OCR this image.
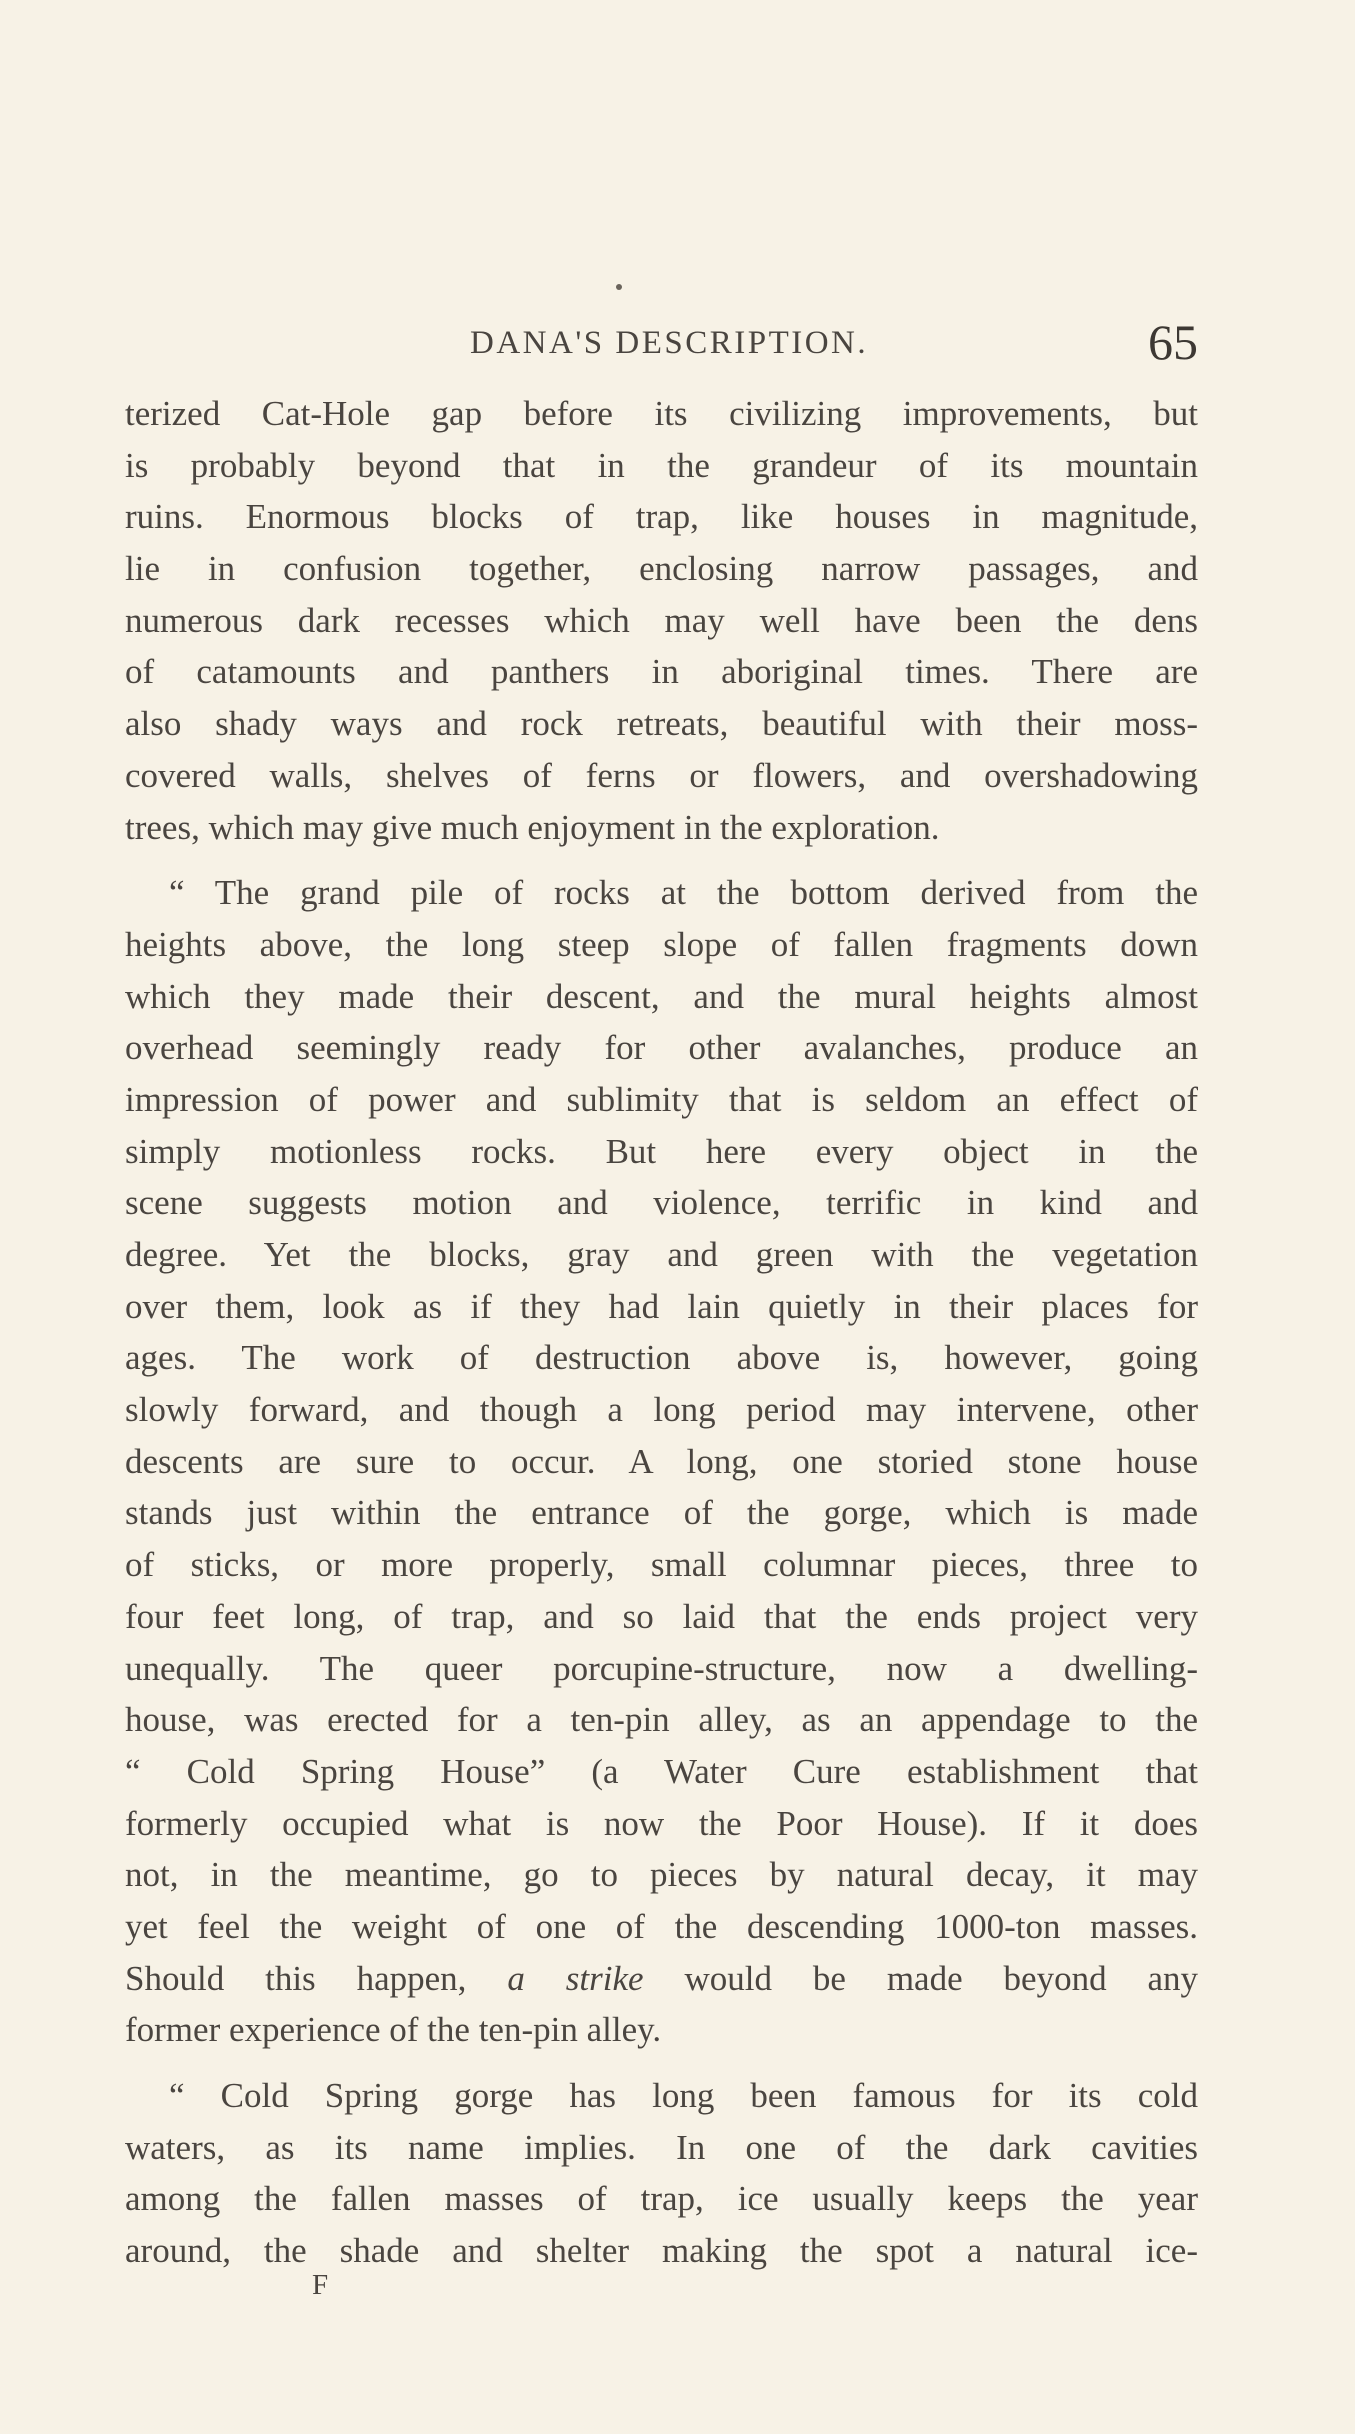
DANA'S DESCRIPTION.	65
terized Cat-Hole gap before its civilizing improvements, but
is probably beyond that in the grandeur of its mountain
ruins. Enormous blocks of trap, like houses in magnitude,
lie in confusion together, enclosing narrow passages, and
numerous dark recesses which may well have been the dens
of catamounts and panthers in aboriginal times. There are
also shady ways and rock retreats, beautiful with their moss-
covered walls, shelves of ferns or flowers, and overshadowing
trees, which may give much enjoyment in the exploration.
“ The grand pile of rocks at the bottom derived from the
heights above, the long steep slope of fallen fragments down
which they made their descent, and the mural heights almost
overhead seemingly ready for other avalanches, produce an
impression of power and sublimity that is seldom an effect of
simply motionless rocks. But here every object in the
scene suggests motion and violence, terrific in kind and
degree. Yet the blocks, gray and green with the vegetation
over them, look as if they had lain quietly in their places for
ages. The work of destruction above is, however, going
slowly forward, and though a long period may intervene, other
descents are sure to occur. A long, one storied stone house
stands just within the entrance of the gorge, which is made
of sticks, or more properly, small columnar pieces, three to
four feet long, of trap, and so laid that the ends project very
unequally. The queer porcupine-structure, now a dwelling-
house, was erected for a ten-pin alley, as an appendage to the
“ Cold Spring House” (a Water Cure establishment that
formerly occupied what is now the Poor House). If it does
not, in the meantime, go to pieces by natural decay, it may
yet feel the weight of one of the descending 1000-ton masses.
Should this happen, a strike would be made beyond any
former experience of the ten-pin alley.
“ Cold Spring gorge has long been famous for its cold
waters, as its name implies. In one of the dark cavities
among the fallen masses of trap, ice usually keeps the year
around, the shade and shelter making the spot a natural ice-
F
